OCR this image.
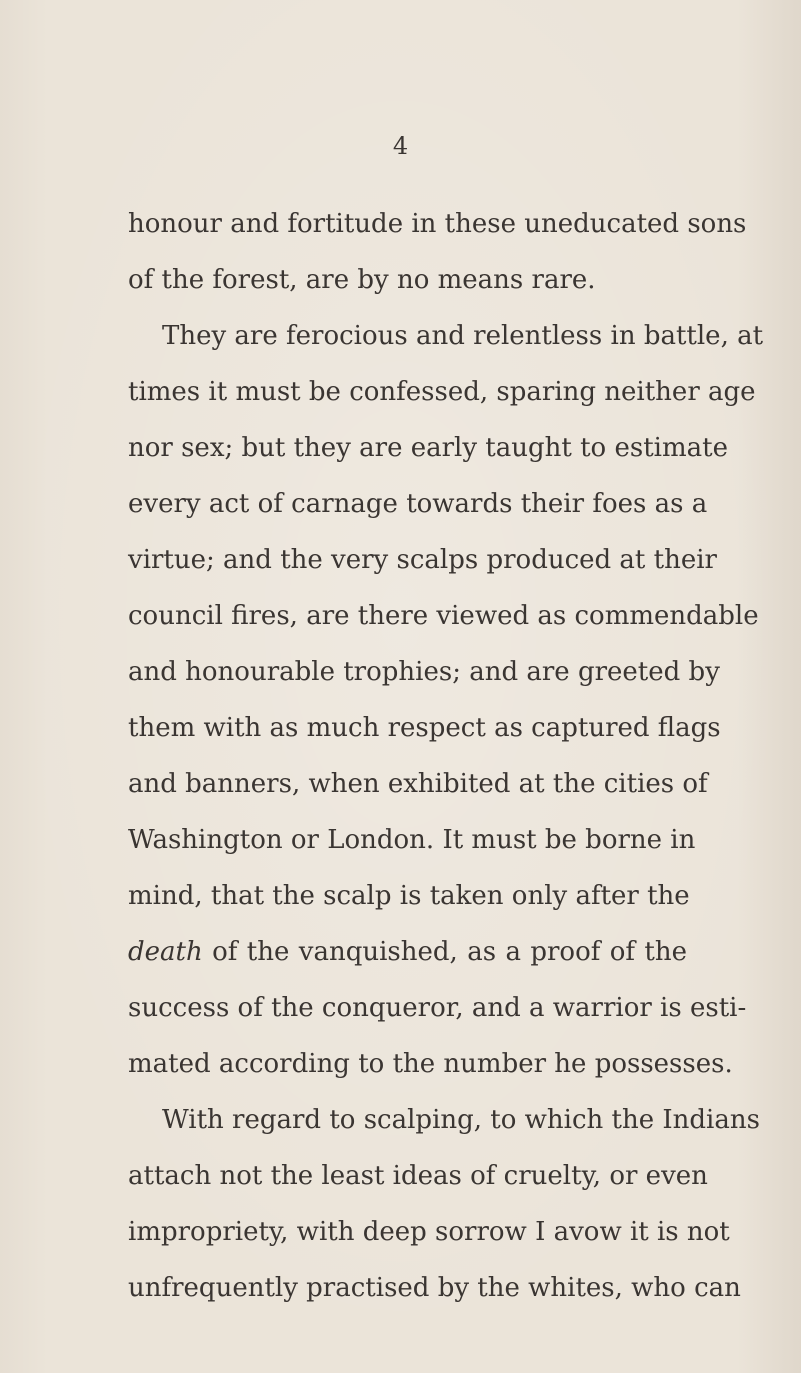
4
honour and fortitude in these uneducated sons
of the forest, are by no means rare.
They are ferocious and relentless in battle, at
times it must be confessed, sparing neither age
nor sex; but they are early taught to estimate
every act of carnage towards their foes as a
virtue; and the very scalps produced at their
council fires, are there viewed as commendable
and honourable trophies; and are greeted by
them with as much respect as captured flags
and banners, when exhibited at the cities of
Washington or London. It must be borne in
mind, that the scalp is taken only after the
death of the vanquished, as a proof of the
success of the conqueror, and a warrior is esti-
mated according to the number he possesses.
With regard to scalping, to which the Indians
attach not the least ideas of cruelty, or even
impropriety, with deep sorrow I avow it is not
unfrequently practised by the whites, who can
